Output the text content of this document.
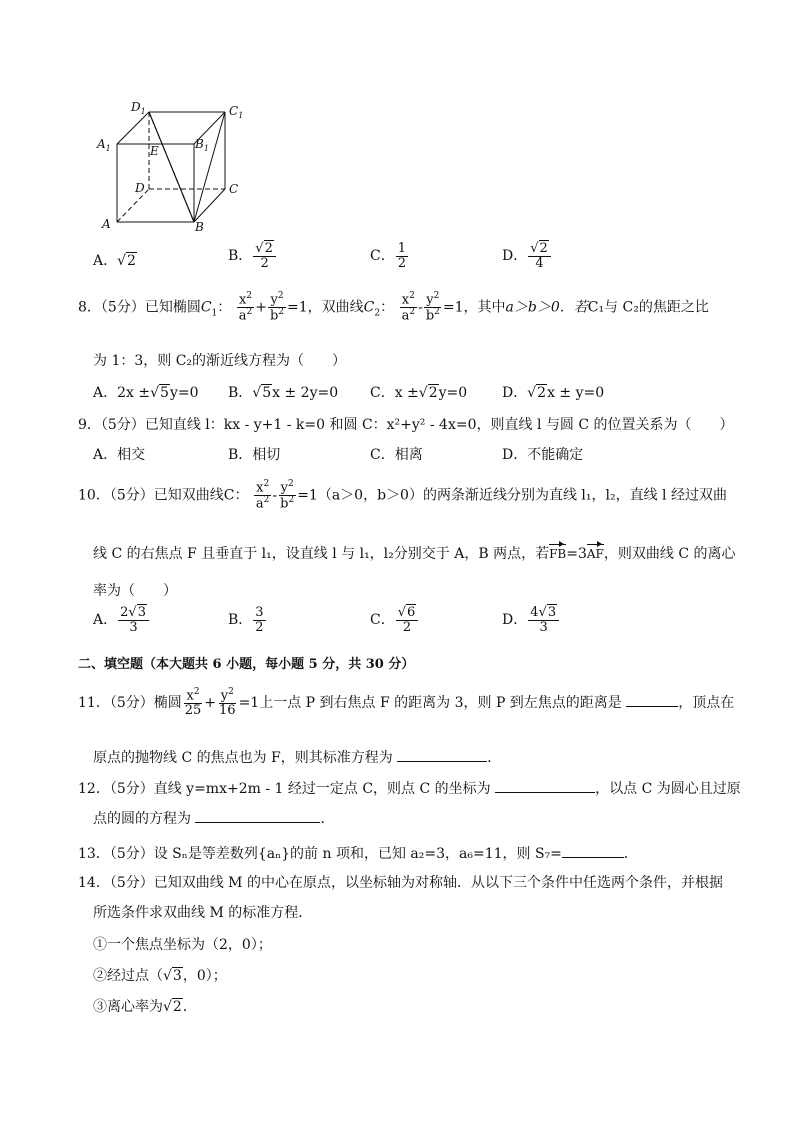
$D_1$	$C_1$
$A_1$	E	$B_1$
D	C
A	B
A．√2	B． $\frac{√2}{2}$	C． $\frac{1}{2}$	D． $\frac{√2}{4}$
8．（5分）已知椭圆$C_1$： $\frac{x^2}{a^2} + \frac{y^2}{b^2} =1$，双曲线$C_2$： $\frac{x^2}{a^2} - \frac{y^2}{b^2} =1$，其中a＞b＞0．若C₁与 C₂的焦距之比
为 1：3，则 C₂的渐近线方程为（　　）
A．2x ±√5y=0 B．√5x ± 2y=0 C．x ±√2y=0 D．√2x ± y=0
9．（5分）已知直线 l：kx - y+1 - k=0 和圆 C：x²+y² - 4x=0，则直线 l 与圆 C 的位置关系为（　　）
A．相交	B．相切	C．相离	D．不能确定
10．（5分）已知双曲线C： $\frac{x^2}{a^2} - \frac{y^2}{b^2} =1(a>0$，b＞0）的两条渐近线分别为直线 l₁，l₂，直线 l 经过双曲
线 C 的右焦点 F 且垂直于 l₁，设直线 l 与 l₁，l₂分别交于 A，B 两点，若FB=3AF，则双曲线 C 的离心
率为（　　）
A． $\frac{2√3}{3}$	B． $\frac{3}{2}$	C． $\frac{√6}{2}$	D． $\frac{4√3}{3}$
二、填空题（本大题共 6 小题，每小题 5 分，共 30 分）
11．（5分）椭圆 $\frac{x^2}{25} + \frac{y^2}{16} =1$上一点 P 到右焦点 F 的距离为 3，则 P 到左焦点的距离是	，顶点在
原点的抛物线 C 的焦点也为 F，则其标准方程为	．
12．（5分）直线 y=mx+2m - 1 经过一定点 C，则点 C 的坐标为	，以点 C 为圆心且过原
点的圆的方程为	．
13．（5分）设 Sₙ是等差数列{aₙ}的前 n 项和，已知 a₂=3，a₆=11，则 S₇=	．
14．（5分）已知双曲线 M 的中心在原点，以坐标轴为对称轴．从以下三个条件中任选两个条件，并根据
所选条件求双曲线 M 的标准方程．
①一个焦点坐标为（2，0）；
②经过点（√3，0）；
③离心率为√2．
